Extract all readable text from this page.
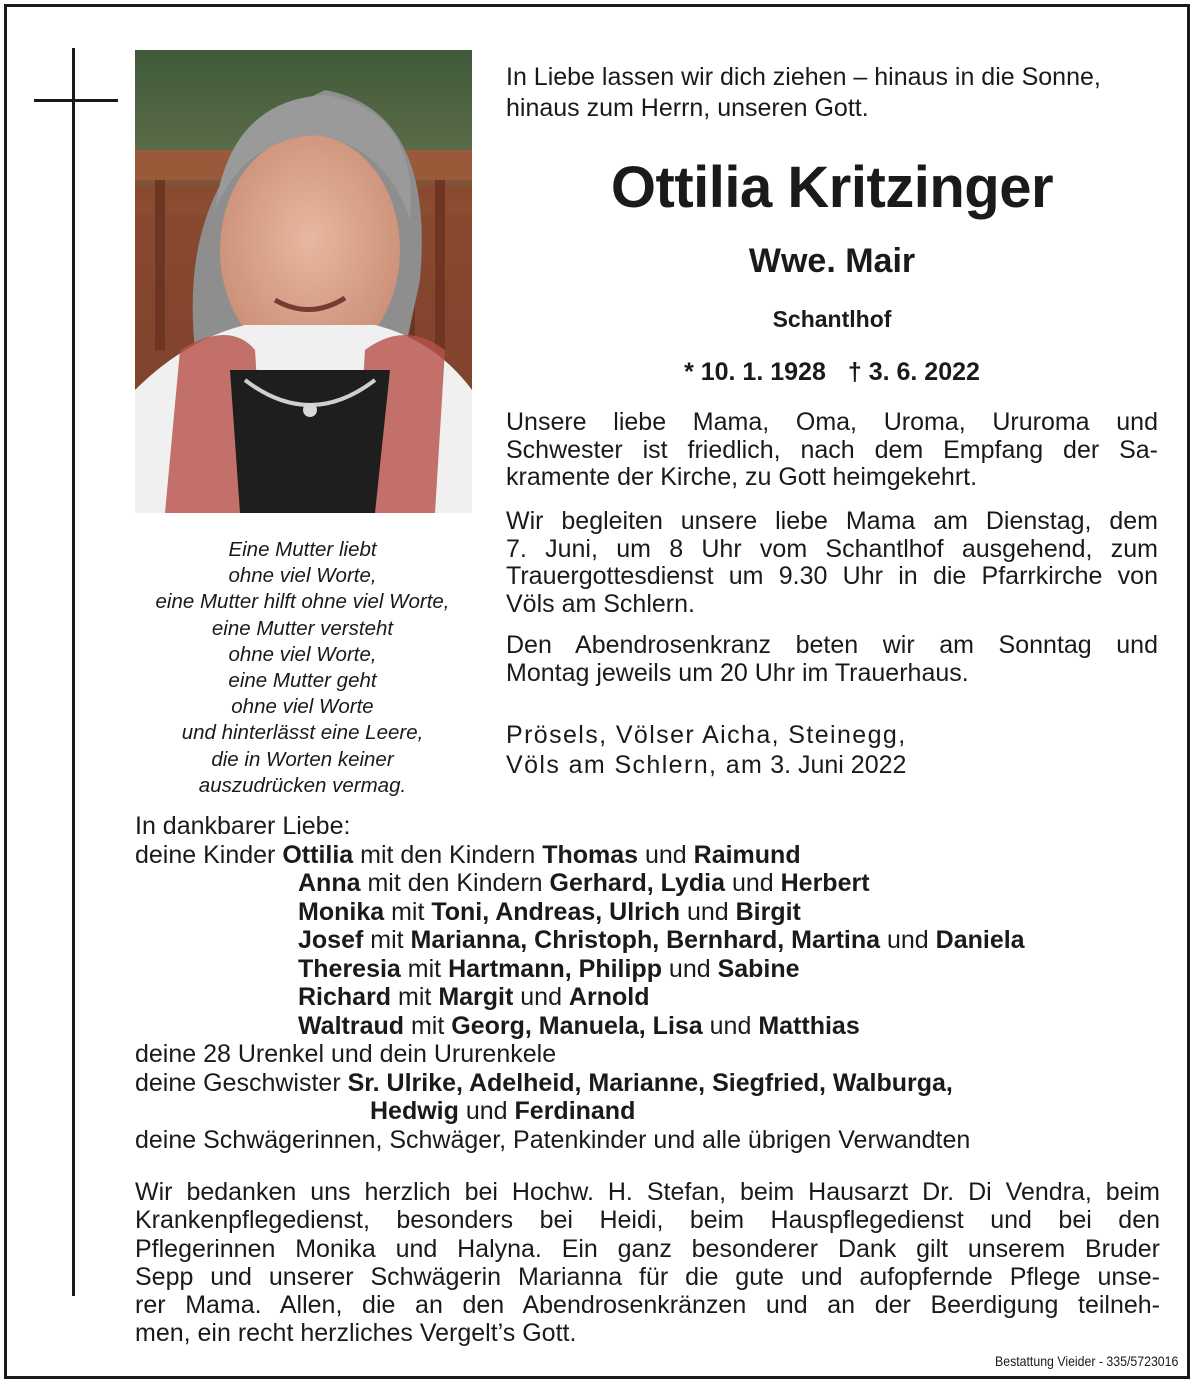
Eine Mutter liebt
ohne viel Worte,
eine Mutter hilft ohne viel Worte,
eine Mutter versteht
ohne viel Worte,
eine Mutter geht
ohne viel Worte
und hinterlässt eine Leere,
die in Worten keiner
auszudrücken vermag.
In Liebe lassen wir dich ziehen – hinaus in die Sonne,
hinaus zum Herrn, unseren Gott.
Ottilia Kritzinger
Wwe. Mair
Schantlhof
* 10. 1. 1928 † 3. 6. 2022
Unsere liebe Mama, Oma, Uroma, Ururoma und
Schwester ist friedlich, nach dem Empfang der Sa-
kramente der Kirche, zu Gott heimgekehrt.
Wir begleiten unsere liebe Mama am Dienstag, dem
7. Juni, um 8 Uhr vom Schantlhof ausgehend, zum
Trauergottesdienst um 9.30 Uhr in die Pfarrkirche von
Völs am Schlern.
Den Abendrosenkranz beten wir am Sonntag und
Montag jeweils um 20 Uhr im Trauerhaus.
Prösels, Völser Aicha, Steinegg,
Völs am Schlern, am 3. Juni 2022
In dankbarer Liebe:
deine Kinder Ottilia mit den Kindern Thomas und Raimund
Anna mit den Kindern Gerhard, Lydia und Herbert
Monika mit Toni, Andreas, Ulrich und Birgit
Josef mit Marianna, Christoph, Bernhard, Martina und Daniela
Theresia mit Hartmann, Philipp und Sabine
Richard mit Margit und Arnold
Waltraud mit Georg, Manuela, Lisa und Matthias
deine 28 Urenkel und dein Ururenkele
deine Geschwister Sr. Ulrike, Adelheid, Marianne, Siegfried, Walburga,
Hedwig und Ferdinand
deine Schwägerinnen, Schwäger, Patenkinder und alle übrigen Verwandten
Wir bedanken uns herzlich bei Hochw. H. Stefan, beim Hausarzt Dr. Di Vendra, beim
Krankenpflegedienst, besonders bei Heidi, beim Hauspflegedienst und bei den
Pflegerinnen Monika und Halyna. Ein ganz besonderer Dank gilt unserem Bruder
Sepp und unserer Schwägerin Marianna für die gute und aufopfernde Pflege unse-
rer Mama. Allen, die an den Abendrosenkränzen und an der Beerdigung teilneh-
men, ein recht herzliches Vergelt’s Gott.
Bestattung Vieider - 335/5723016
